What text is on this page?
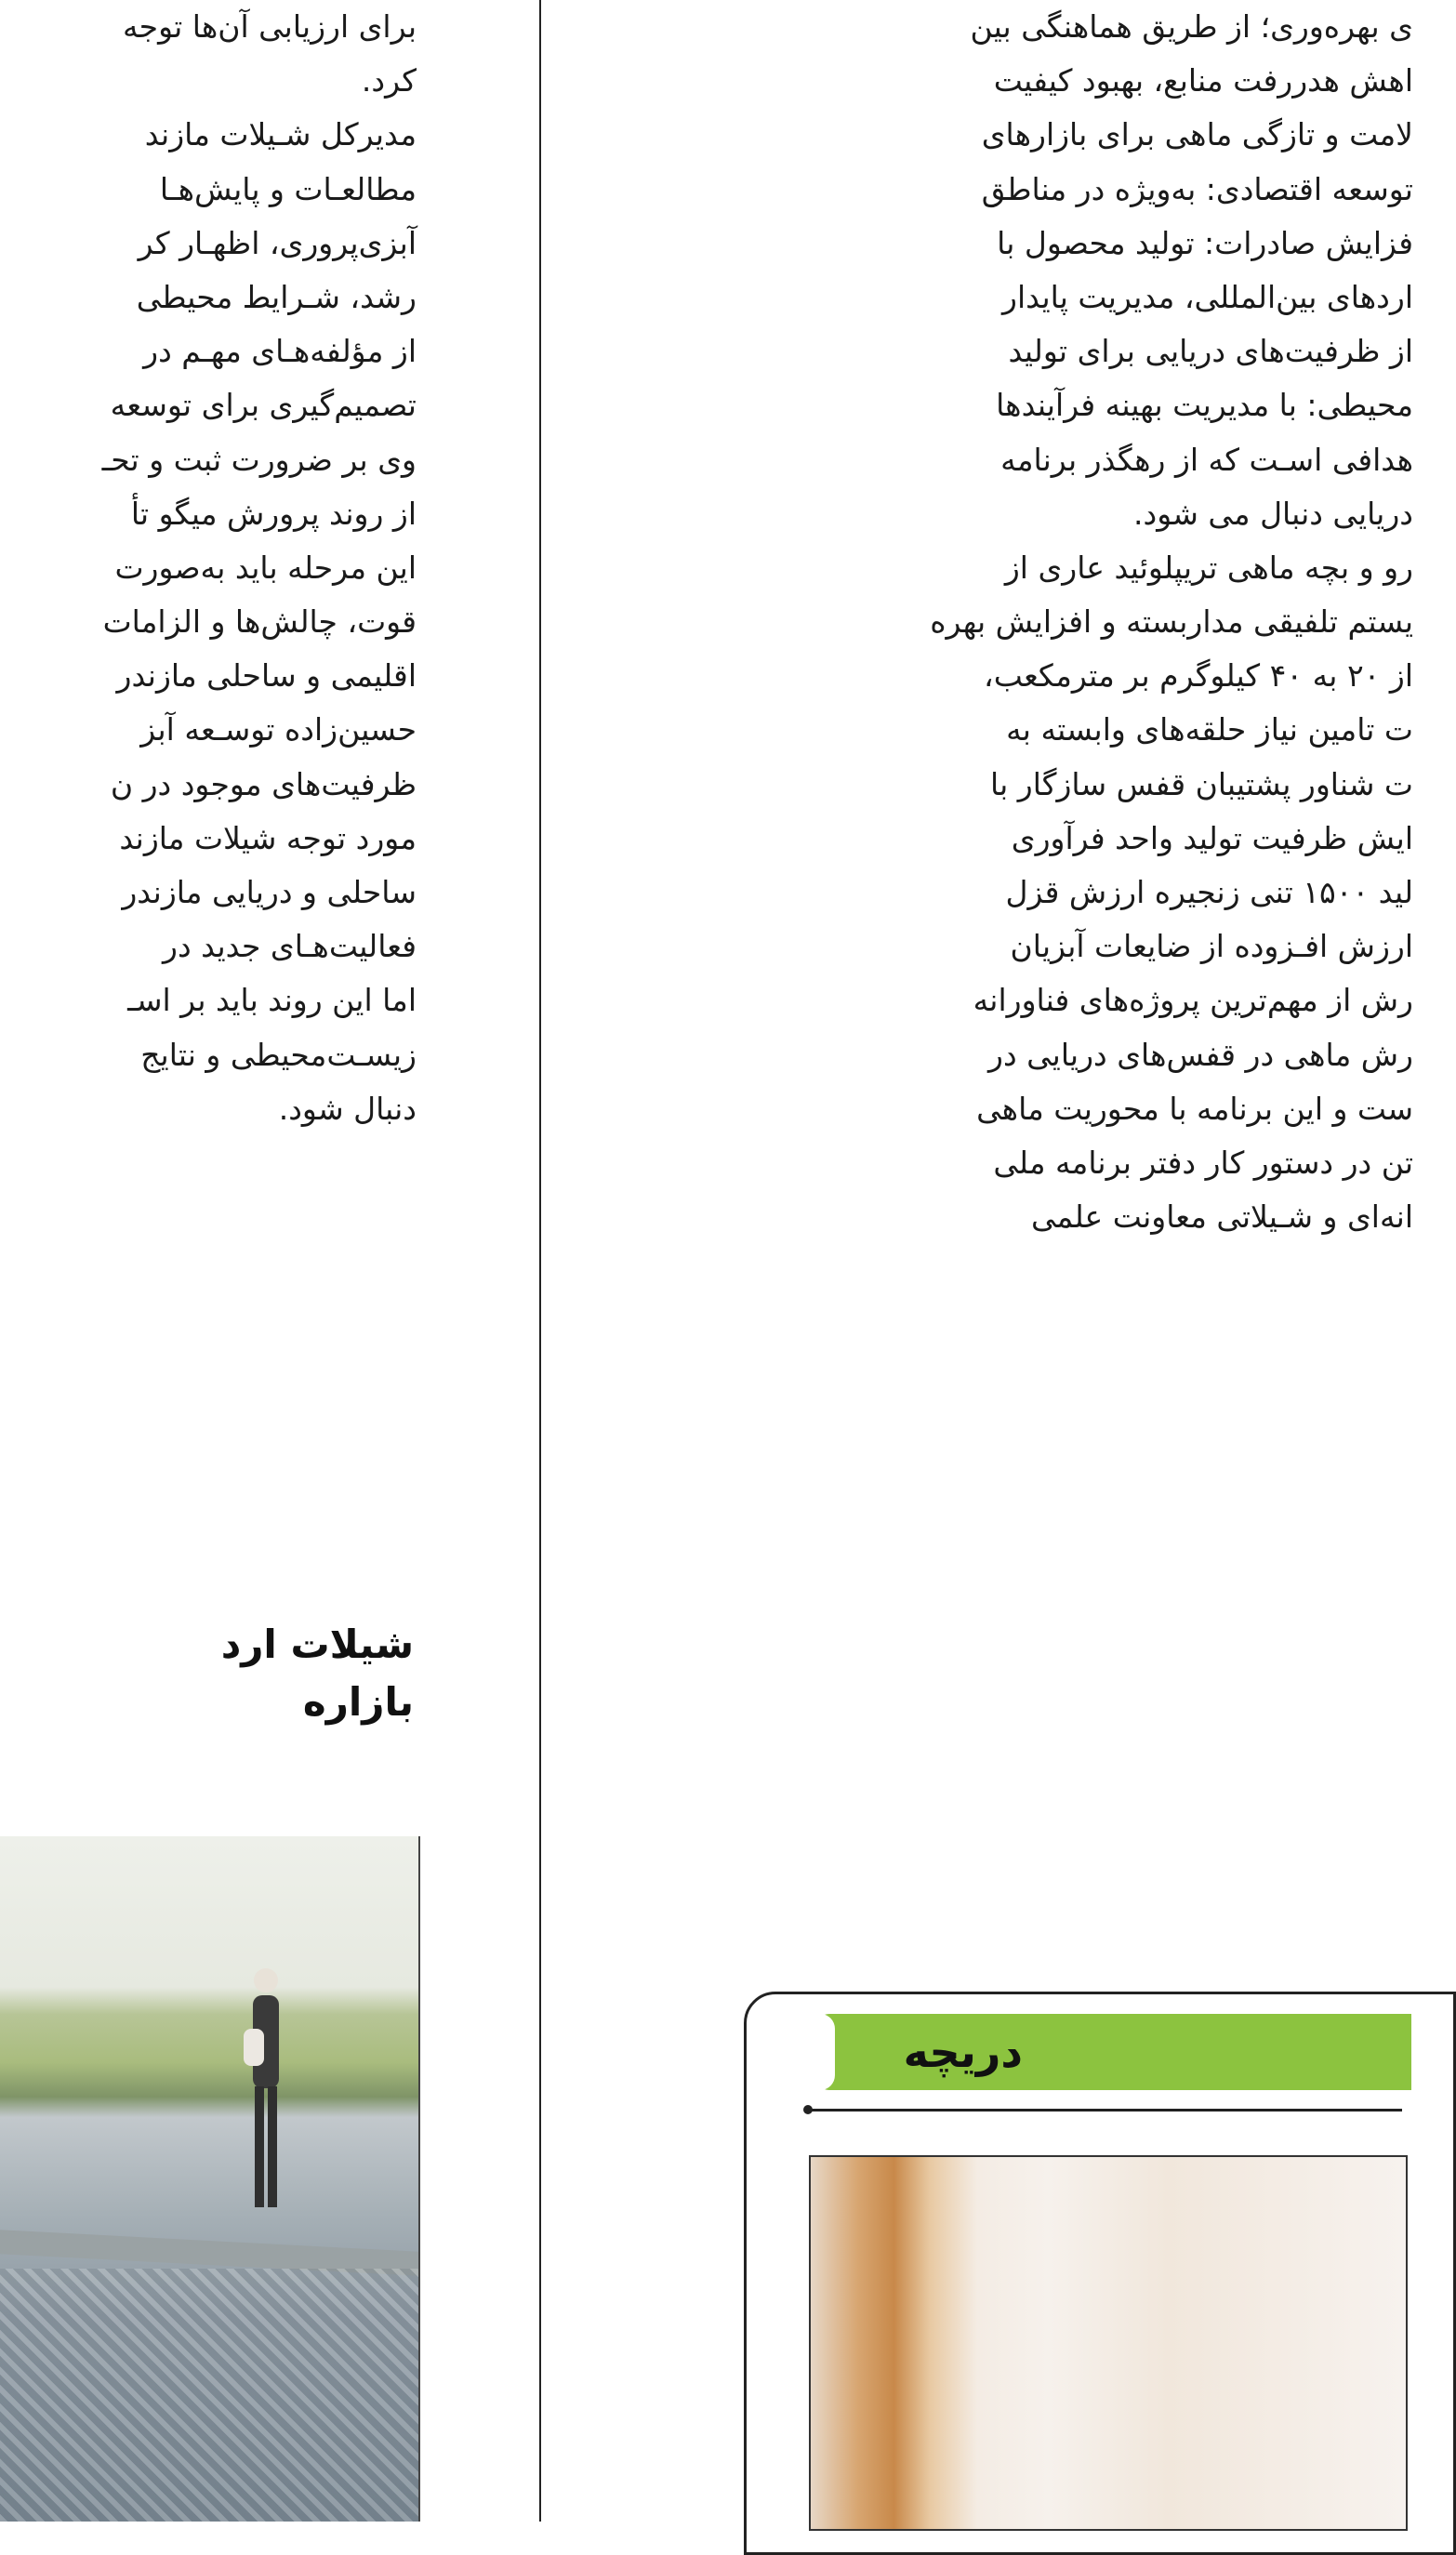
برای ارزیابی آن‌ها توجه
کرد.
مدیرکل شـیلات مازند
مطالعـات و پایش‌هـا
آبزی‌پروری، اظهـار کر
رشد، شـرایط محیطی
از مؤلفه‌هـای مهـم در
تصمیم‌گیری برای توسعه
وی بر ضرورت ثبت و تحـ
از روند پرورش میگو تأ
این مرحله باید به‌صورت
قوت، چالش‌ها و الزامات
اقلیمی و ساحلی مازندر
حسین‌زاده توسـعه آبز
ظرفیت‌های موجود در ن
مورد توجه شیلات مازند
ساحلی و دریایی مازندر
فعالیت‌هـای جدید در
اما این روند باید بر اسـ
زیسـت‌محیطی و نتایج
دنبال شود.
ی بهره‌وری؛ از طریق هماهنگی بین
اهش هدررفت منابع، بهبود کیفیت
لامت و تازگی ماهی برای بازارهای
توسعه اقتصادی: به‌ویژه در مناطق
فزایش صادرات: تولید محصول با
اردهای بین‌المللی، مدیریت پایدار
از ظرفیت‌های دریایی برای تولید
محیطی: با مدیریت بهینه فرآیندها
هدافی اسـت که از رهگذر برنامه
دریایی دنبال می شود.
رو و بچه ماهی تریپلوئید عاری از
یستم تلفیقی مداربسته و افزایش بهره
از ۲۰ به ۴۰ کیلوگرم بر مترمکعب،
ت تامین نیاز حلقه‌های وابسته به
ت شناور پشتیبان قفس سازگار با
ایش ظرفیت تولید واحد فرآوری
لید ۱۵۰۰ تنی زنجیره ارزش قزل
ارزش افـزوده از ضایعات آبزیان
رش از مهم‌ترین پروژه‌های فناورانه
رش ماهی در قفس‌های دریایی در
ست و این برنامه با محوریت ماهی
تن در دستور کار دفتر برنامه ملی
انه‌ای و شـیلاتی معاونت علمی
شیلات ارد
بازاره
دریچه
